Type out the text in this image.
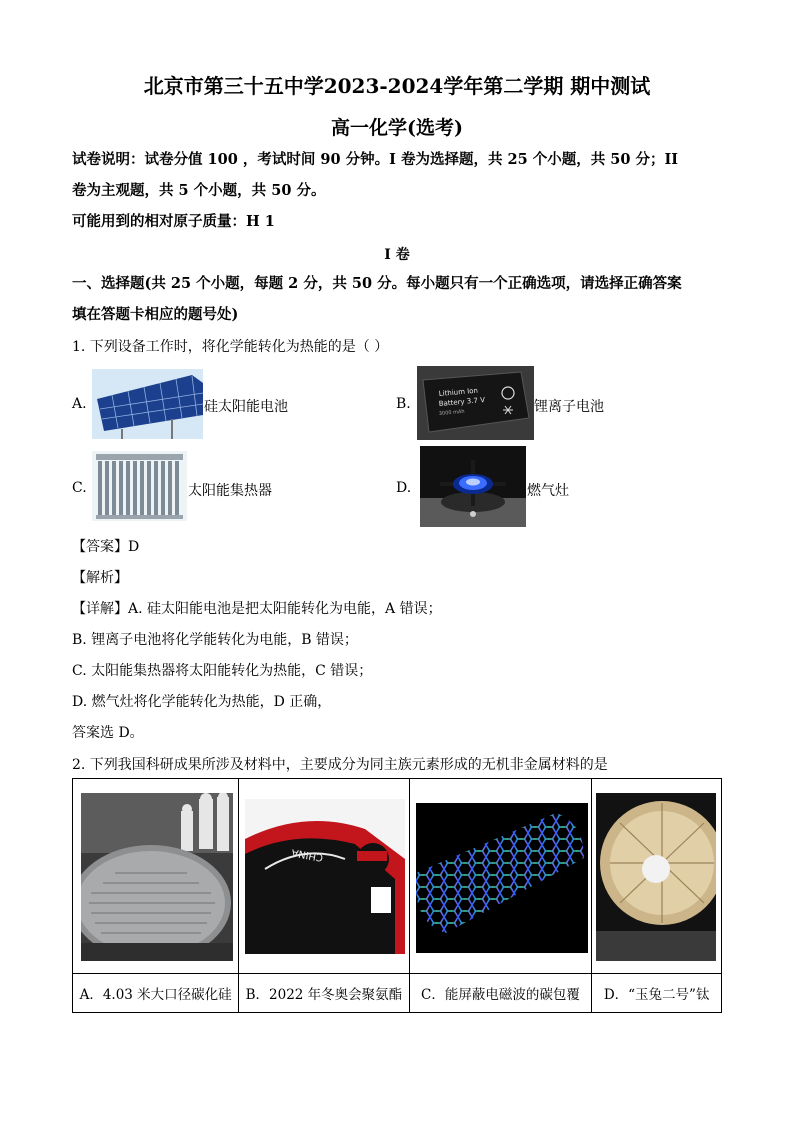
北京市第三十五中学2023-2024学年第二学期 期中测试
高一化学(选考)
试卷说明：试卷分值 100 ，考试时间 90 分钟。I 卷为选择题，共 25 个小题，共 50 分；II
卷为主观题，共 5 个小题，共 50 分。
可能用到的相对原子质量：H 1
I 卷
一、选择题(共 25 个小题，每题 2 分，共 50 分。每小题只有一个正确选项，请选择正确答案
填在答题卡相应的题号处)
1. 下列设备工作时，将化学能转化为热能的是（ ）
A.	硅太阳能电池	B.
Lithium Ion
Battery 3.7 V
3000 mAh	锂离子电池
C.	太阳能集热器	D.	燃气灶
【答案】D
【解析】
【详解】A. 硅太阳能电池是把太阳能转化为电能，A 错误；
B. 锂离子电池将化学能转化为电能，B 错误；
C. 太阳能集热器将太阳能转化为热能，C 错误；
D. 燃气灶将化学能转化为热能，D 正确，
答案选 D。
2. 下列我国科研成果所涉及材料中，主要成分为同主族元素形成的无机非金属材料的是

CHINA

A．4.03 米大口径碳化硅	B．2022 年冬奥会聚氨酯	C．能屏蔽电磁波的碳包覆	D．“玉兔二号”钛
